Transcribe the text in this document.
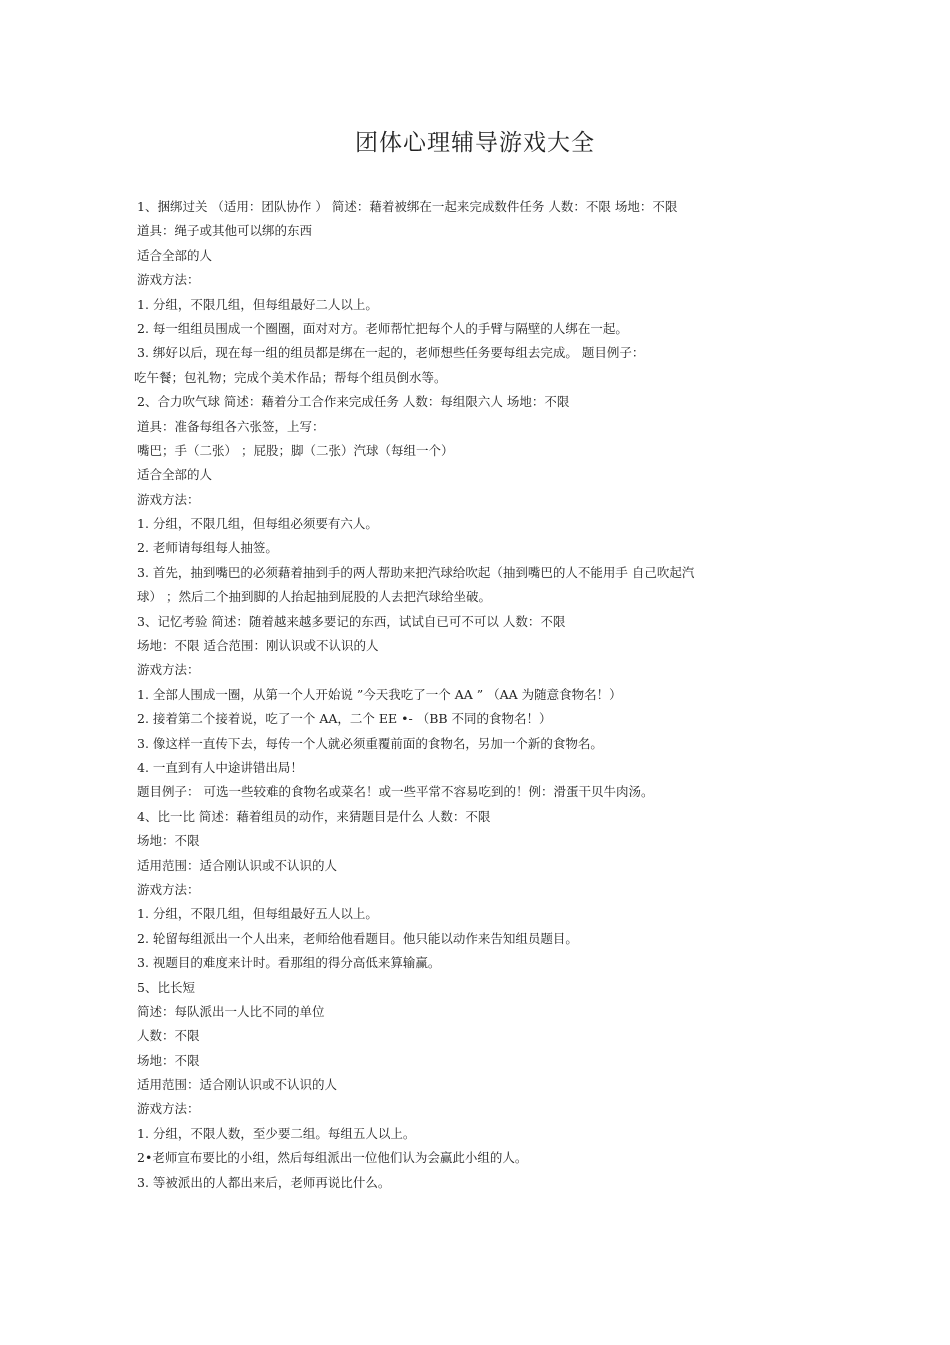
团体心理辅导游戏大全
1、捆绑过关 （适用：团队协作 ） 简述：藉着被绑在一起来完成数件任务 人数：不限 场地：不限
道具：绳子或其他可以绑的东西
适合全部的人
游戏方法：
1. 分组，不限几组，但每组最好二人以上。
2. 每一组组员围成一个圈圈，面对对方。老师帮忙把每个人的手臂与隔壁的人绑在一起。
3. 绑好以后，现在每一组的组员都是绑在一起的，老师想些任务要每组去完成。 题目例子：
吃午餐；包礼物；完成个美术作品；帮每个组员倒水等。
2、合力吹气球 简述：藉着分工合作来完成任务 人数：每组限六人 场地：不限
道具：准备每组各六张签，上写：
嘴巴；手（二张） ；屁股；脚（二张）汽球（每组一个）
适合全部的人
游戏方法：
1. 分组，不限几组，但每组必须要有六人。
2. 老师请每组每人抽签。
3. 首先，抽到嘴巴的必须藉着抽到手的两人帮助来把汽球给吹起（抽到嘴巴的人不能用手 自己吹起汽
球） ；然后二个抽到脚的人抬起抽到屁股的人去把汽球给坐破。
3、记忆考验 简述：随着越来越多要记的东西，试试自已可不可以 人数：不限
场地：不限 适合范围：刚认识或不认识的人
游戏方法：
1. 全部人围成一圈，从第一个人开始说 ”今天我吃了一个 AA ” （AA 为随意食物名！）
2. 接着第二个接着说，吃了一个 AA，二个 EE •- （BB 不同的食物名！）
3. 像这样一直传下去，每传一个人就必须重覆前面的食物名，另加一个新的食物名。
4. 一直到有人中途讲错出局！
题目例子： 可选一些较难的食物名或菜名！或一些平常不容易吃到的！例：滑蛋干贝牛肉汤。
4、比一比 简述：藉着组员的动作，来猜题目是什么 人数：不限
场地：不限
适用范围：适合刚认识或不认识的人
游戏方法：
1. 分组，不限几组，但每组最好五人以上。
2. 轮留每组派出一个人出来，老师给他看题目。他只能以动作来告知组员题目。
3. 视题目的难度来计时。看那组的得分高低来算输赢。
5、比长短
简述：每队派出一人比不同的单位
人数：不限
场地：不限
适用范围：适合刚认识或不认识的人
游戏方法：
1. 分组，不限人数，至少要二组。每组五人以上。
2•老师宣布要比的小组，然后每组派出一位他们认为会赢此小组的人。
3. 等被派出的人都出来后，老师再说比什么。
